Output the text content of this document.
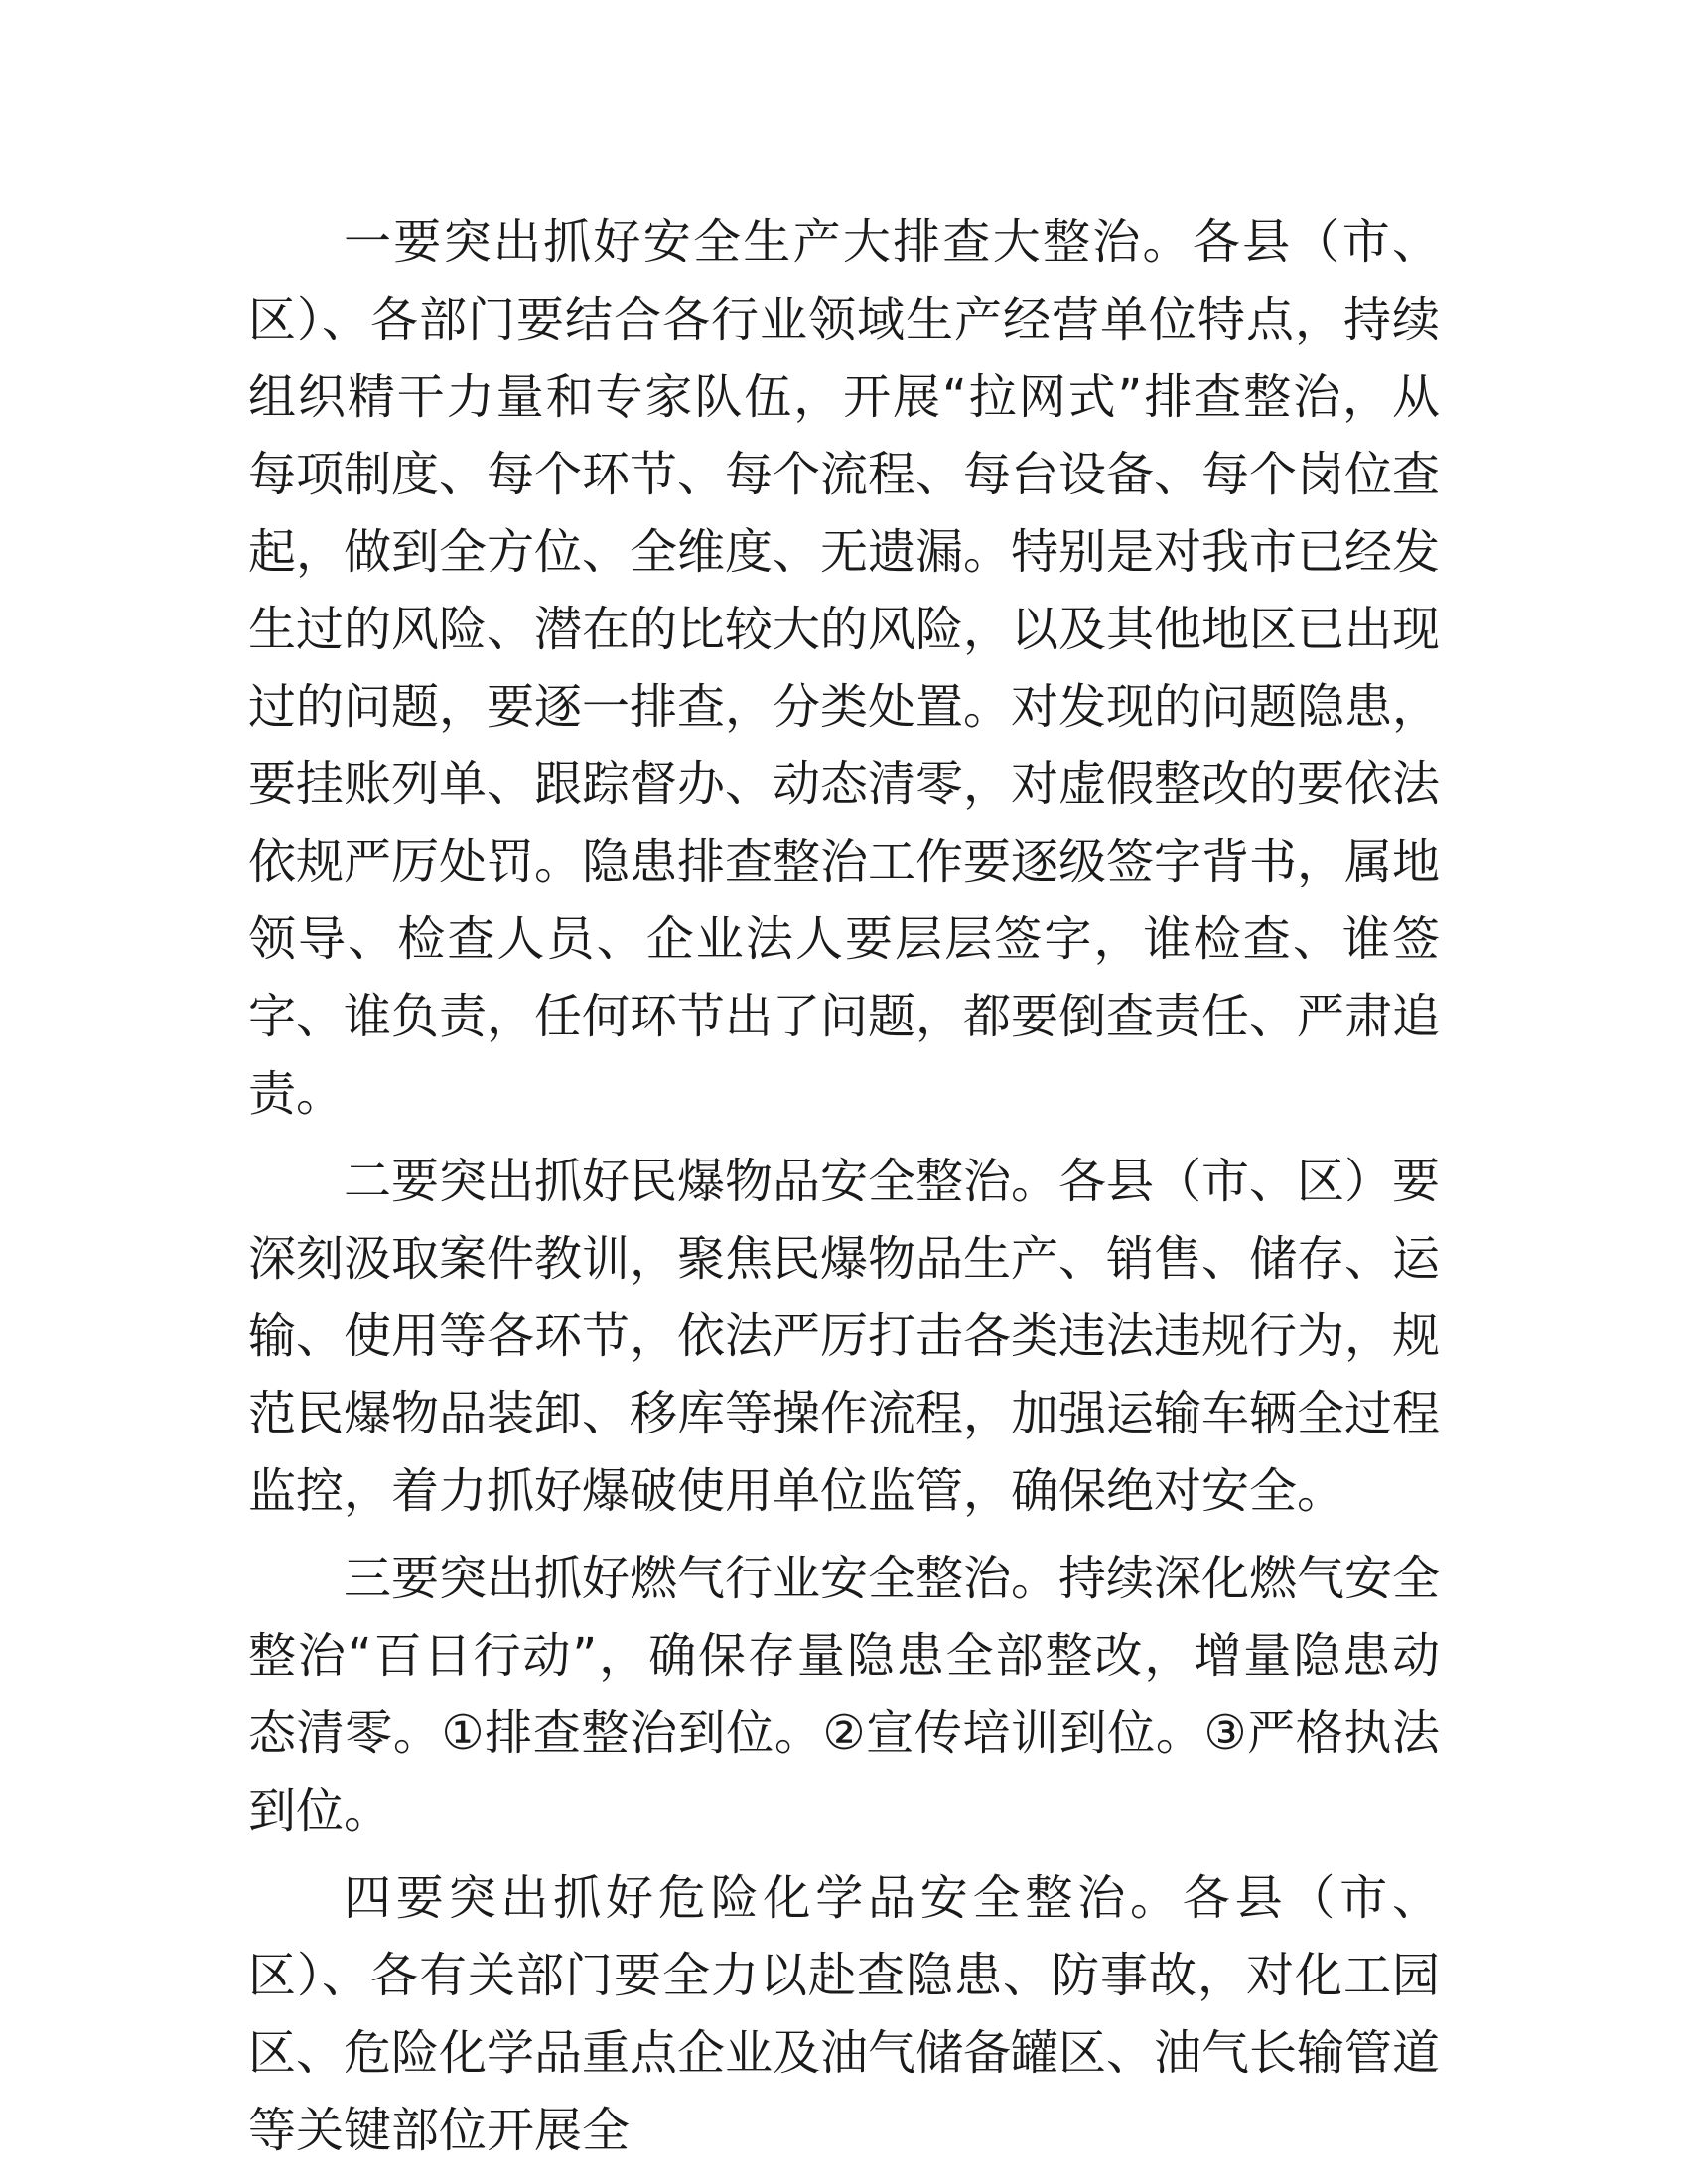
一要突出抓好安全生产大排查大整治。各县（市、区）、各部门要结合各行业领域生产经营单位特点，持续组织精干力量和专家队伍，开展“拉网式”排查整治，从每项制度、每个环节、每个流程、每台设备、每个岗位查起，做到全方位、全维度、无遗漏。特别是对我市已经发生过的风险、潜在的比较大的风险，以及其他地区已出现过的问题，要逐一排查，分类处置。对发现的问题隐患，要挂账列单、跟踪督办、动态清零，对虚假整改的要依法依规严厉处罚。隐患排查整治工作要逐级签字背书，属地领导、检查人员、企业法人要层层签字，谁检查、谁签字、谁负责，任何环节出了问题，都要倒查责任、严肃追责。

二要突出抓好民爆物品安全整治。各县（市、区）要深刻汲取案件教训，聚焦民爆物品生产、销售、储存、运输、使用等各环节，依法严厉打击各类违法违规行为，规范民爆物品装卸、移库等操作流程，加强运输车辆全过程监控，着力抓好爆破使用单位监管，确保绝对安全。

三要突出抓好燃气行业安全整治。持续深化燃气安全整治“百日行动”，确保存量隐患全部整改，增量隐患动态清零。①排查整治到位。②宣传培训到位。③严格执法到位。

四要突出抓好危险化学品安全整治。各县（市、区）、各有关部门要全力以赴查隐患、防事故，对化工园区、危险化学品重点企业及油气储备罐区、油气长输管道等关键部位开展全
